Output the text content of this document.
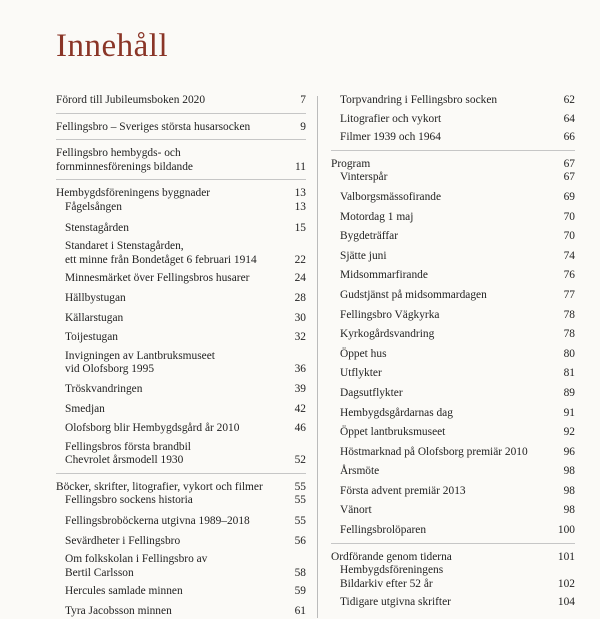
Innehåll
Förord till Jubileumsboken 2020	7
Fellingsbro – Sveriges största husarsocken	9
Fellingsbro hembygds- och
fornminnesförenings bildande	11
Hembygdsföreningens byggnader	13
Fågelsången	13
Stenstagården	15
Standaret i Stenstagården,
ett minne från Bondetåget 6 februari 1914	22
Minnesmärket över Fellingsbros husarer	24
Hällbystugan	28
Källarstugan	30
Toijestugan	32
Invigningen av Lantbruksmuseet
vid Olofsborg 1995	36
Tröskvandringen	39
Smedjan	42
Olofsborg blir Hembygdsgård år 2010	46
Fellingsbros första brandbil
Chevrolet årsmodell 1930	52
Böcker, skrifter, litografier, vykort och filmer	55
Fellingsbro sockens historia	55
Fellingsbroböckerna utgivna 1989–2018	55
Sevärdheter i Fellingsbro	56
Om folkskolan i Fellingsbro av
Bertil Carlsson	58
Hercules samlade minnen	59
Tyra Jacobsson minnen	61
Torpvandring i Fellingsbro socken	62
Litografier och vykort	64
Filmer 1939 och 1964	66
Program	67
Vinterspår	67
Valborgsmässofirande	69
Motordag 1 maj	70
Bygdeträffar	70
Sjätte juni	74
Midsommarfirande	76
Gudstjänst på midsommardagen	77
Fellingsbro Vägkyrka	78
Kyrkogårdsvandring	78
Öppet hus	80
Utflykter	81
Dagsutflykter	89
Hembygdsgårdarnas dag	91
Öppet lantbruksmuseet	92
Höstmarknad på Olofsborg premiär 2010	96
Årsmöte	98
Första advent premiär 2013	98
Vänort	98
Fellingsbrolöparen	100
Ordförande genom tiderna	101
Hembygdsföreningens
Bildarkiv efter 52 år	102
Tidigare utgivna skrifter	104
